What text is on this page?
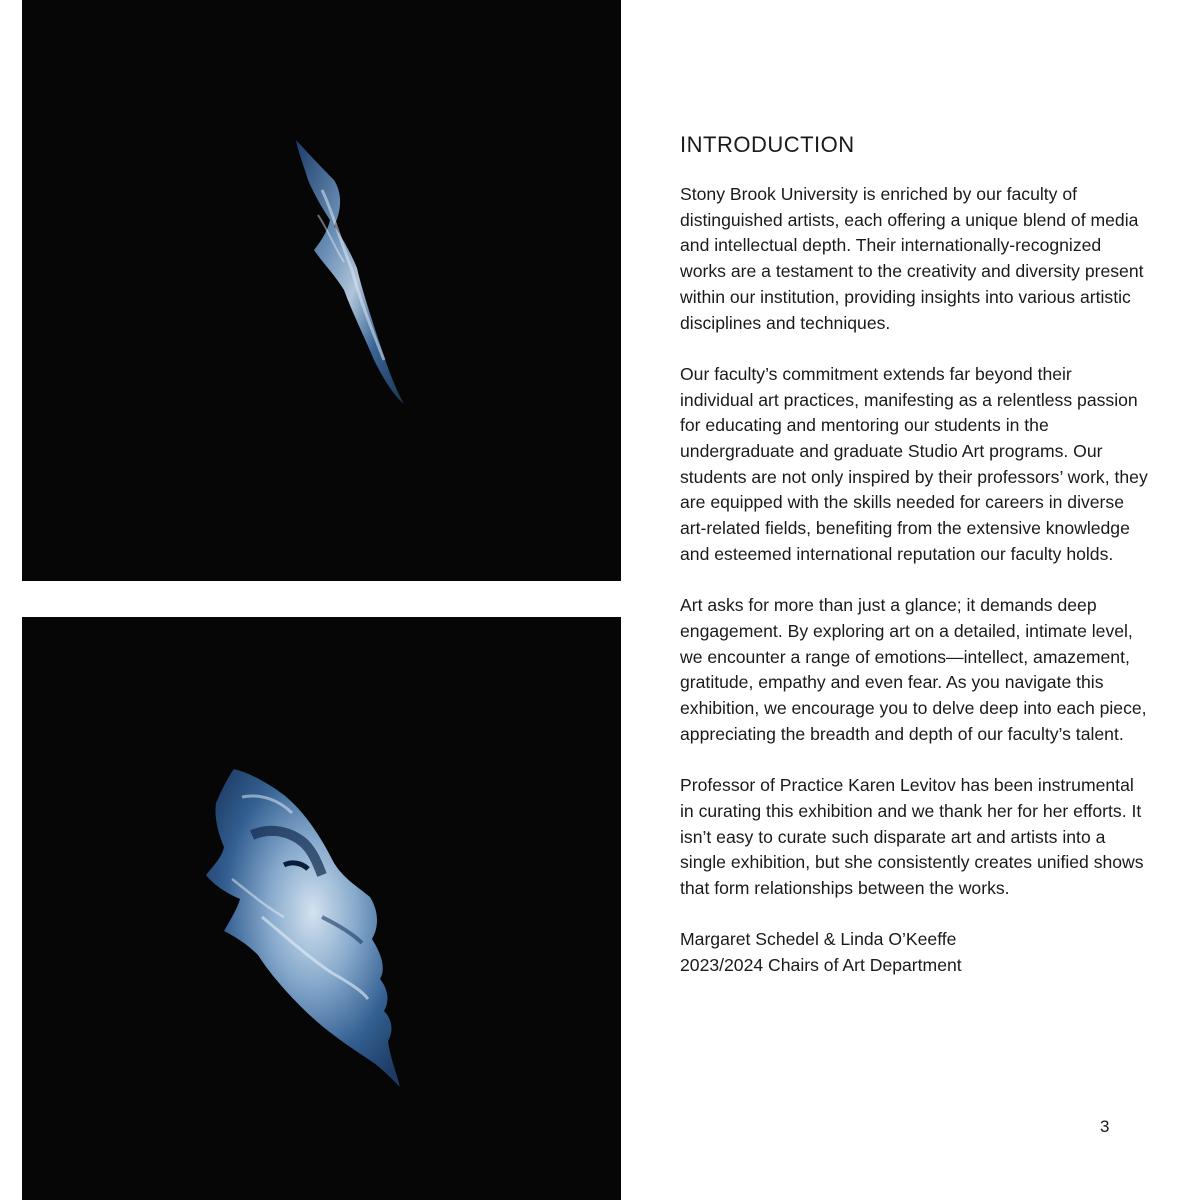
INTRODUCTION

Stony Brook University is enriched by our faculty of distinguished artists, each offering a unique blend of media and intellectual depth. Their internationally-recognized works are a testament to the creativity and diversity present within our institution, providing insights into various artistic disciplines and techniques.

Our faculty’s commitment extends far beyond their individual art practices, manifesting as a relentless passion for educating and mentoring our students in the undergraduate and graduate Studio Art programs. Our students are not only inspired by their professors’ work, they are equipped with the skills needed for careers in diverse art-related fields, benefiting from the extensive knowledge and esteemed international reputation our faculty holds.

Art asks for more than just a glance; it demands deep engagement. By exploring art on a detailed, intimate level, we encounter a range of emotions—intellect, amazement, gratitude, empathy and even fear. As you navigate this exhibition, we encourage you to delve deep into each piece, appreciating the breadth and depth of our faculty’s talent.

Professor of Practice Karen Levitov has been instrumental in curating this exhibition and we thank her for her efforts. It isn’t easy to curate such disparate art and artists into a single exhibition, but she consistently creates unified shows that form relationships between the works.

Margaret Schedel & Linda O’Keeffe
2023/2024 Chairs of Art Department
3
